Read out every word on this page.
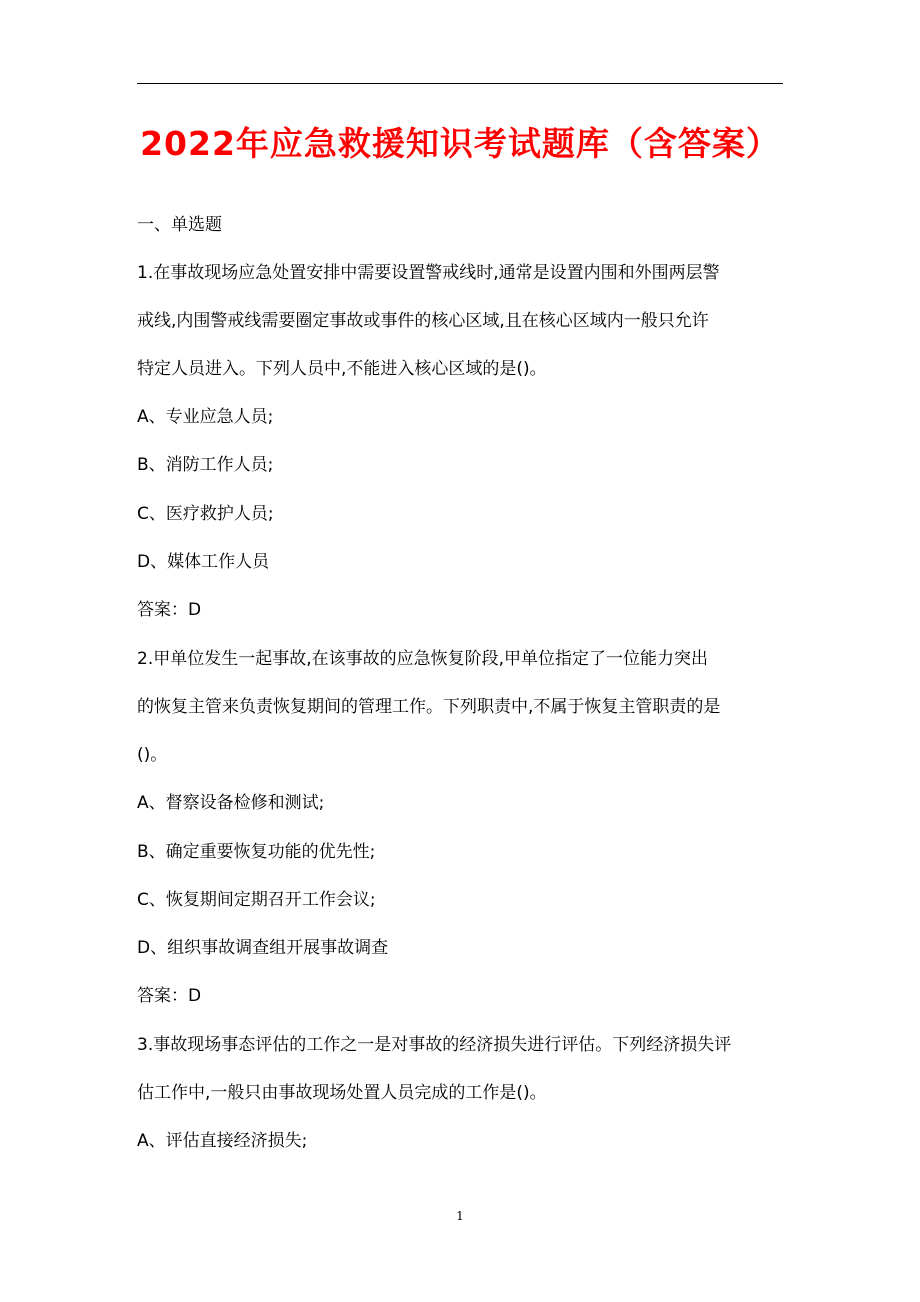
2022年应急救援知识考试题库（含答案）
一、单选题
1.在事故现场应急处置安排中需要设置警戒线时,通常是设置内围和外围两层警
戒线,内围警戒线需要圈定事故或事件的核心区域,且在核心区域内一般只允许
特定人员进入。下列人员中,不能进入核心区域的是()。
A、专业应急人员;
B、消防工作人员;
C、医疗救护人员;
D、媒体工作人员
答案：D
2.甲单位发生一起事故,在该事故的应急恢复阶段,甲单位指定了一位能力突出
的恢复主管来负责恢复期间的管理工作。下列职责中,不属于恢复主管职责的是
()。
A、督察设备检修和测试;
B、确定重要恢复功能的优先性;
C、恢复期间定期召开工作会议;
D、组织事故调查组开展事故调查
答案：D
3.事故现场事态评估的工作之一是对事故的经济损失进行评估。下列经济损失评
估工作中,一般只由事故现场处置人员完成的工作是()。
A、评估直接经济损失;
1
